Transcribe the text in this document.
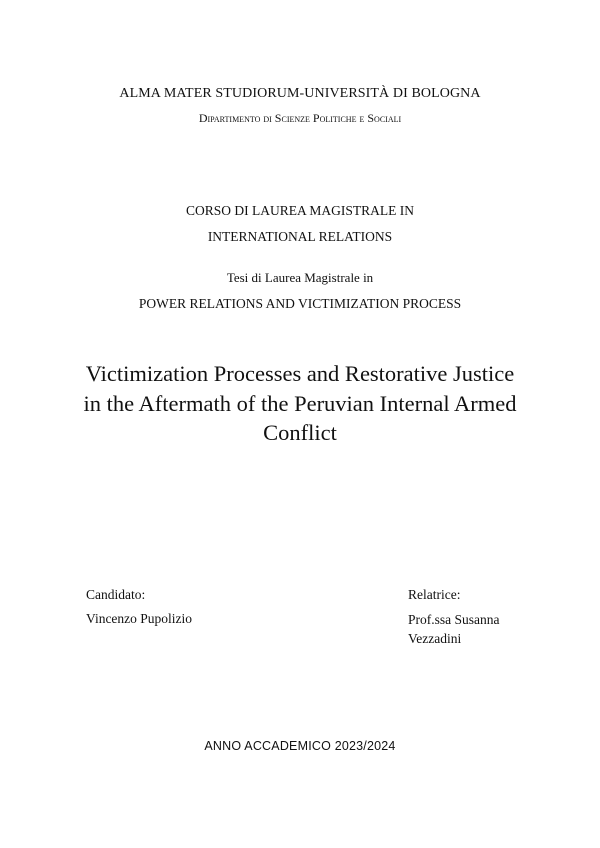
ALMA MATER STUDIORUM-UNIVERSITÀ DI BOLOGNA
Dipartimento di Scienze Politiche e Sociali
CORSO DI LAUREA MAGISTRALE IN
INTERNATIONAL RELATIONS
Tesi di Laurea Magistrale in
POWER RELATIONS AND VICTIMIZATION PROCESS
Victimization Processes and Restorative Justice
in the Aftermath of the Peruvian Internal Armed
Conflict
Candidato:
Vincenzo Pupolizio
Relatrice:
Prof.ssa Susanna Vezzadini
ANNO ACCADEMICO 2023/2024
